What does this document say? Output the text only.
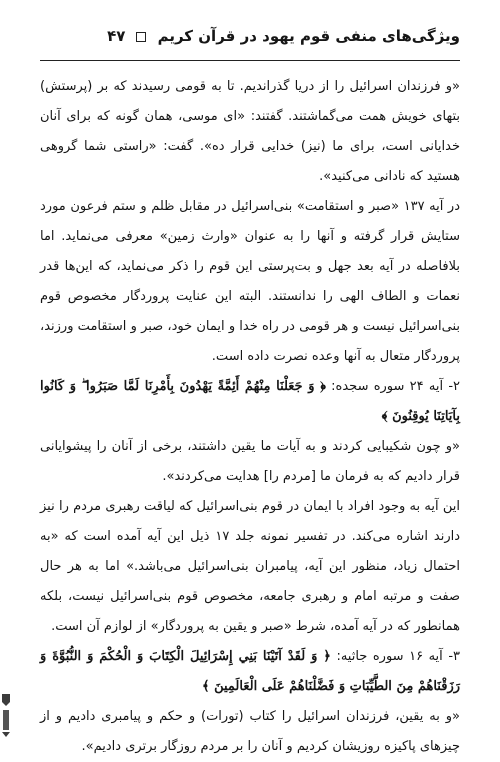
ویژگی‌های منفی قوم یهود در قرآن کریم  ۴۷

«و فرزندان اسرائیل را از دریا گذراندیم. تا به قومی رسیدند که بر (پرستش) بتهای خویش همت می‌گماشتند. گفتند: «ای موسی، همان گونه که برای آنان خدایانی است، برای ما (نیز) خدایی قرار ده». گفت: «راستی شما گروهی هستید که نادانی می‌کنید».

در آیه ۱۳۷ «صبر و استقامت» بنی‌اسرائیل در مقابل ظلم و ستم فرعون مورد ستایش قرار گرفته و آنها را به عنوان «وارث زمین» معرفی می‌نماید. اما بلافاصله در آیه بعد جهل و بت‌پرستی این قوم را ذکر می‌نماید، که این‌ها قدر نعمات و الطاف الهی را ندانستند. البته این عنایت پروردگار مخصوص قوم بنی‌اسرائیل نیست و هر قومی در راه خدا و ایمان خود، صبر و استقامت ورزند، پروردگار متعال به آنها وعده نصرت داده است.

۲- آیه ۲۴ سوره سجده: ﴿ وَ جَعَلْنَا مِنْهُمْ أَئِمَّةً يَهْدُونَ بِأَمْرِنَا لَمَّا صَبَرُوا ۖ وَ كَانُوا بِآيَاتِنَا يُوقِنُونَ ﴾

«و چون شکیبایی کردند و به آیات ما یقین داشتند، برخی از آنان را پیشوایانی قرار دادیم که به فرمان ما [مردم را] هدایت می‌کردند».

این آیه به وجود افراد با ایمان در قوم بنی‌اسرائیل که لیاقت رهبری مردم را نیز دارند اشاره می‌کند. در تفسیر نمونه جلد ۱۷ ذیل این آیه آمده است که «به احتمال زیاد، منظور این آیه، پیامبران بنی‌اسرائیل می‌باشد.» اما به هر حال صفت و مرتبه امام و رهبری جامعه، مخصوص قوم بنی‌اسرائیل نیست، بلکه همانطور که در آیه آمده، شرط «صبر و یقین به پروردگار» از لوازم آن است.

۳- آیه ۱۶ سوره جاثیه: ﴿ وَ لَقَدْ آتَيْنَا بَنِي إِسْرَائِيلَ الْكِتَابَ وَ الْحُكْمَ وَ النُّبُوَّةَ وَ رَزَقْنَاهُمْ مِنَ الطَّيِّبَاتِ وَ فَضَّلْنَاهُمْ عَلَى الْعَالَمِينَ ﴾

«و به یقین، فرزندان اسرائیل را کتاب (تورات) و حکم و پیامبری دادیم و از چیزهای پاکیزه روزیشان کردیم و آنان را بر مردم روزگار برتری دادیم».
